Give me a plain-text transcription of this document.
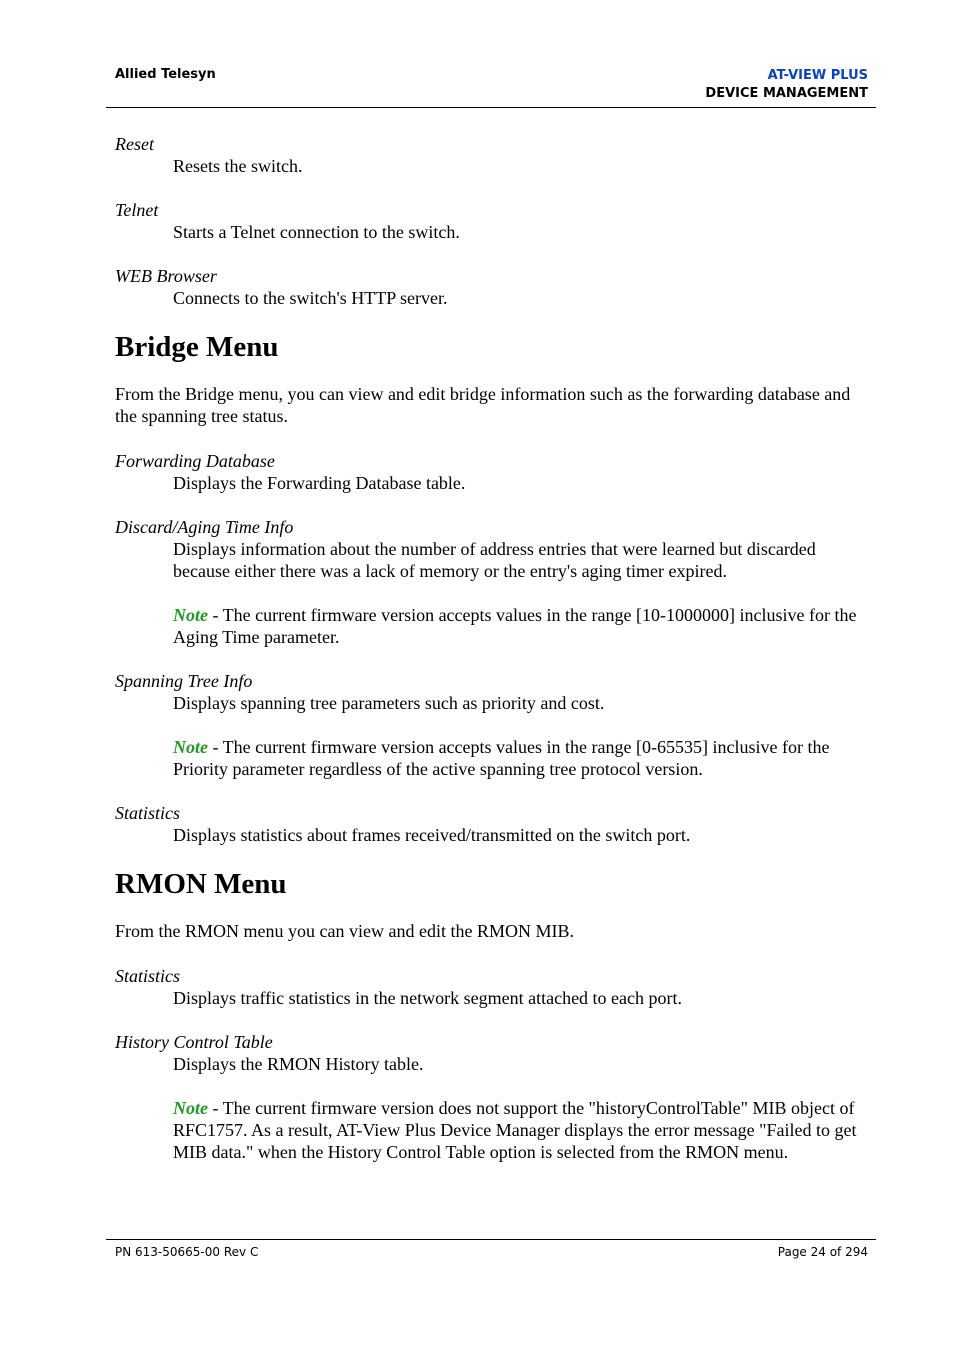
Allied Telesyn	AT-VIEW PLUS
DEVICE MANAGEMENT

Reset

Resets the switch.

Telnet

Starts a Telnet connection to the switch.

WEB Browser

Connects to the switch's HTTP server.

Bridge Menu

From the Bridge menu, you can view and edit bridge information such as the forwarding database and the spanning tree status.

Forwarding Database

Displays the Forwarding Database table.

Discard/Aging Time Info

Displays information about the number of address entries that were learned but discarded because either there was a lack of memory or the entry's aging timer expired.

Note - The current firmware version accepts values in the range [10-1000000] inclusive for the Aging Time parameter.

Spanning Tree Info

Displays spanning tree parameters such as priority and cost.

Note - The current firmware version accepts values in the range [0-65535] inclusive for the Priority parameter regardless of the active spanning tree protocol version.

Statistics

Displays statistics about frames received/transmitted on the switch port.

RMON Menu

From the RMON menu you can view and edit the RMON MIB.

Statistics

Displays traffic statistics in the network segment attached to each port.

History Control Table

Displays the RMON History table.

Note - The current firmware version does not support the "historyControlTable" MIB object of RFC1757. As a result, AT-View Plus Device Manager displays the error message "Failed to get MIB data." when the History Control Table option is selected from the RMON menu.

PN 613-50665-00 Rev C	Page 24 of 294
